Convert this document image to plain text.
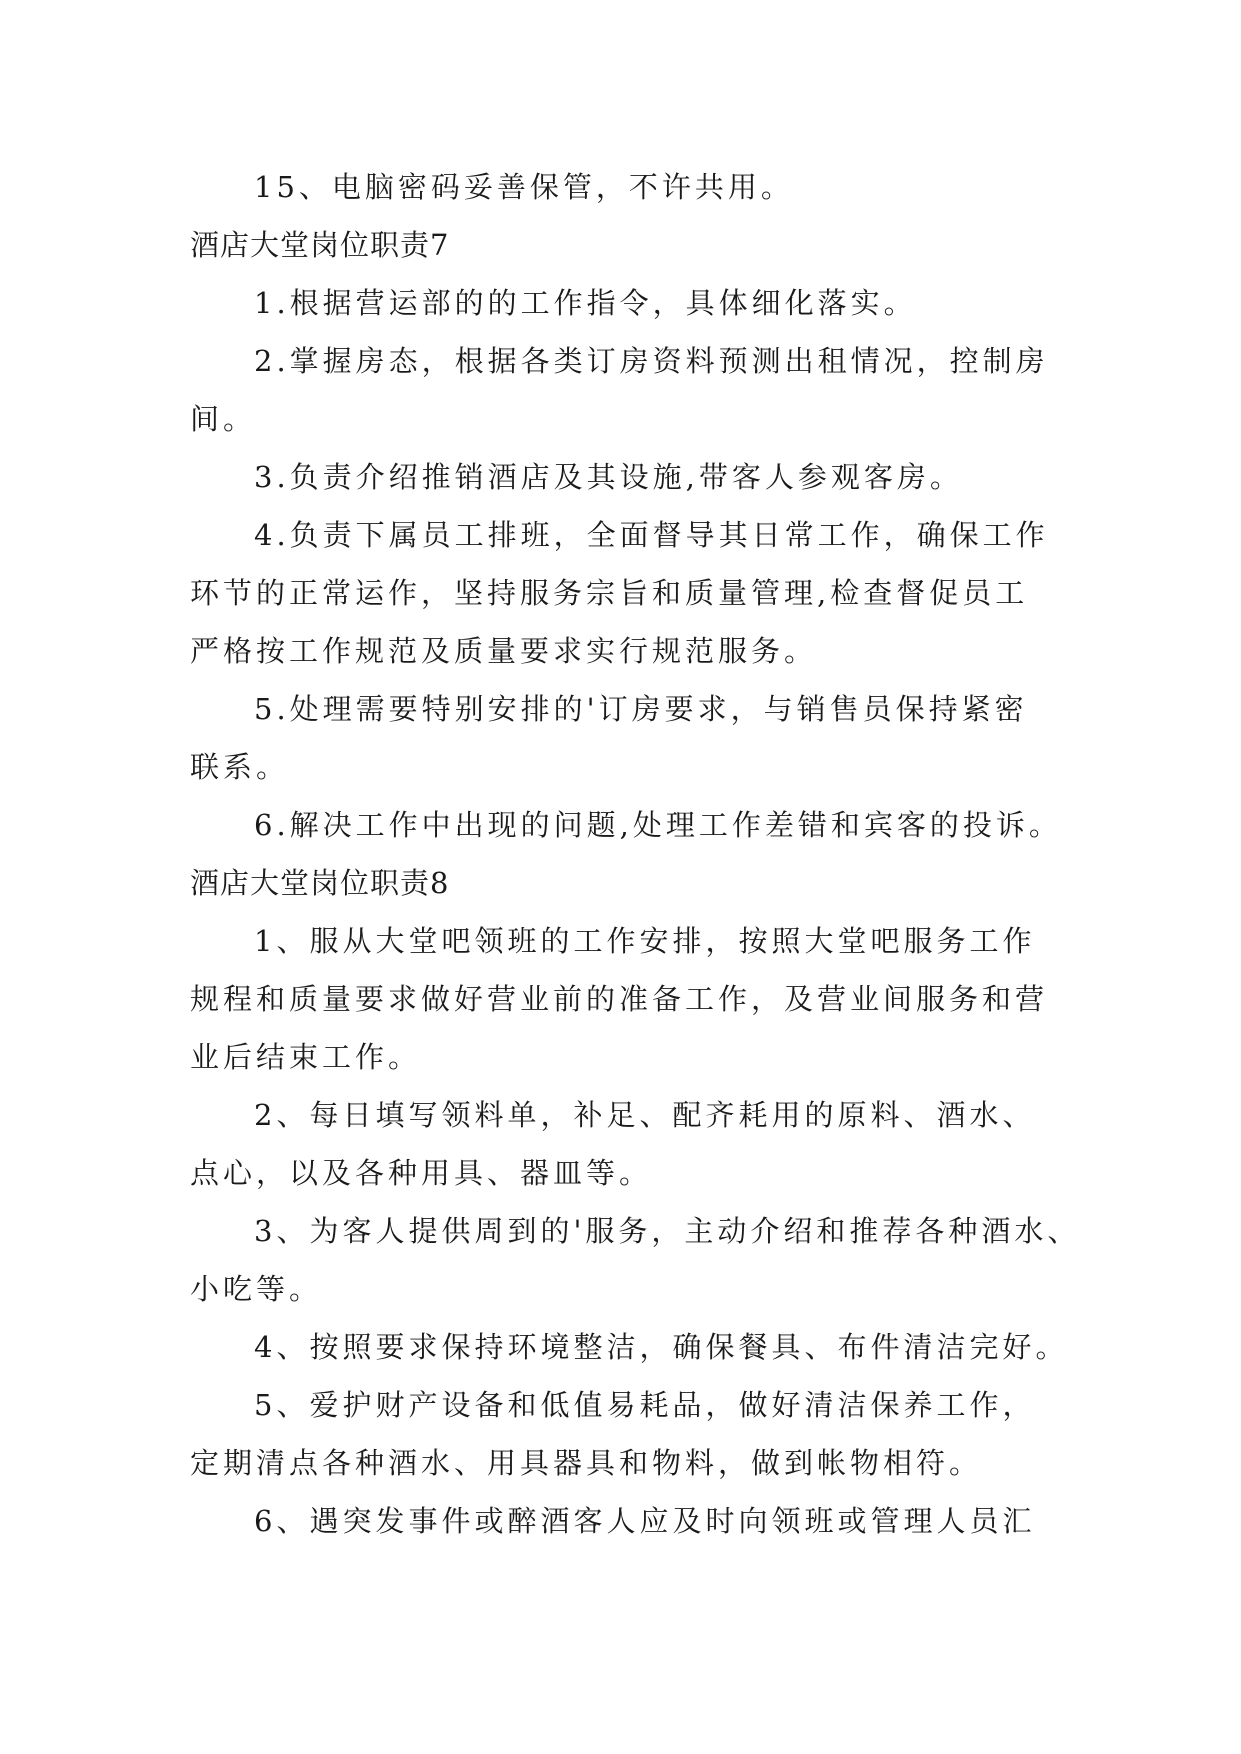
15、电脑密码妥善保管，不许共用。
酒店大堂岗位职责7
1.根据营运部的的工作指令，具体细化落实。
2.掌握房态，根据各类订房资料预测出租情况，控制房
间。
3.负责介绍推销酒店及其设施,带客人参观客房。
4.负责下属员工排班，全面督导其日常工作，确保工作
环节的正常运作，坚持服务宗旨和质量管理,检查督促员工
严格按工作规范及质量要求实行规范服务。
5.处理需要特别安排的'订房要求，与销售员保持紧密
联系。
6.解决工作中出现的问题,处理工作差错和宾客的投诉。
酒店大堂岗位职责8
1、服从大堂吧领班的工作安排，按照大堂吧服务工作
规程和质量要求做好营业前的准备工作，及营业间服务和营
业后结束工作。
2、每日填写领料单，补足、配齐耗用的原料、酒水、
点心，以及各种用具、器皿等。
3、为客人提供周到的'服务，主动介绍和推荐各种酒水、
小吃等。
4、按照要求保持环境整洁，确保餐具、布件清洁完好。
5、爱护财产设备和低值易耗品，做好清洁保养工作，
定期清点各种酒水、用具器具和物料，做到帐物相符。
6、遇突发事件或醉酒客人应及时向领班或管理人员汇
